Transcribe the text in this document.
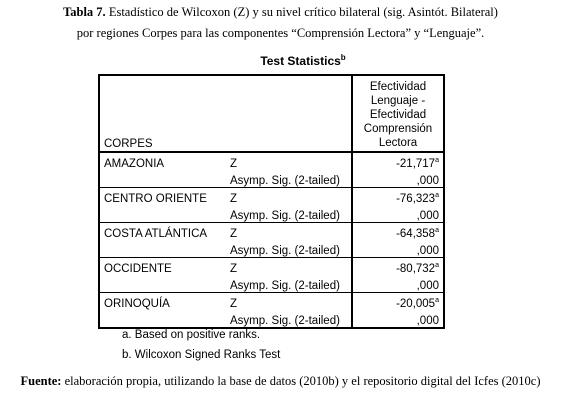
Tabla 7. Estadístico de Wilcoxon (Z) y su nivel crítico bilateral (sig. Asintót. Bilateral)
por regiones Corpes para las componentes “Comprensión Lectora” y “Lenguaje”.
Test Statistics$^b$
CORPES		Efectividad
Lenguaje -
Efectividad
Comprensión
Lectora

AMAZONIA	Z	-21,717$^a$
	Asymp. Sig. (2-tailed)	,000
CENTRO ORIENTE	Z	-76,323$^a$
	Asymp. Sig. (2-tailed)	,000
COSTA ATLÁNTICA	Z	-64,358$^a$
	Asymp. Sig. (2-tailed)	,000
OCCIDENTE	Z	-80,732$^a$
	Asymp. Sig. (2-tailed)	,000
ORINOQUÍA	Z	-20,005$^a$
	Asymp. Sig. (2-tailed)	,000
a. Based on positive ranks.
b. Wilcoxon Signed Ranks Test
Fuente: elaboración propia, utilizando la base de datos (2010b) y el repositorio digital del Icfes (2010c)
